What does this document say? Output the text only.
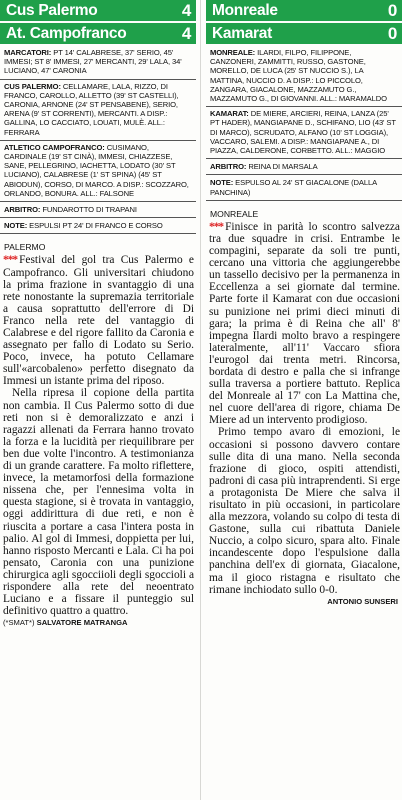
Cus Palermo	4
At. Campofranco	4
MARCATORI: PT 14' CALABRESE, 37' SERIO, 45' IMMESI; ST 8' IMMESI, 27' MERCANTI, 29' LALA, 34' LUCIANO, 47' CARONIA
CUS PALERMO: CELLAMARE, LALA, RIZZO, DI FRANCO, CAROLLO, ALLETTO (39' ST CASTELLI), CARONIA, ARNONE (24' ST PENSABENE), SERIO, ARENA (9' ST CORRENTI), MERCANTI. A DISP.: GALLINA, LO CACCIATO, LOUATI, MULÈ. ALL.: FERRARA
ATLETICO CAMPOFRANCO: CUSIMANO, CARDINALE (19' ST CINÀ), IMMESI, CHIAZZESE, SANE, PELLEGRINO, IACHETTA, LODATO (30' ST LUCIANO), CALABRESE (1' ST SPINA) (45' ST ABIODUN), CORSO, DI MARCO. A DISP.: SCOZZARO, ORLANDO, BONURA. ALL.: FALSONE
ARBITRO: FUNDAROTTO DI TRAPANI
NOTE: ESPULSI PT 24' DI FRANCO E CORSO
PALERMO

*** Festival del gol tra Cus Palermo e Campofranco. Gli universitari chiudono la prima frazione in svantaggio di una rete nonostante la supremazia territoriale a causa soprattutto dell'errore di Di Franco nella rete del vantaggio di Calabrese e del rigore fallito da Caronia e assegnato per fallo di Lodato su Serio. Poco, invece, ha potuto Cellamare sull'«arcobaleno» perfetto disegnato da Immesi un istante prima del riposo.

Nella ripresa il copione della partita non cambia. Il Cus Palermo sotto di due reti non si è demoralizzato e anzi i ragazzi allenati da Ferrara hanno trovato la forza e la lucidità per riequilibrare per ben due volte l'incontro. A testimonianza di un grande carattere. Fa molto riflettere, invece, la metamorfosi della formazione nissena che, per l'ennesima volta in questa stagione, si è trovata in vantaggio, oggi addirittura di due reti, e non è riuscita a portare a casa l'intera posta in palio. Al gol di Immesi, doppietta per lui, hanno risposto Mercanti e Lala. Ci ha poi pensato, Caronia con una punizione chirurgica agli sgocciioli degli sgoccioli a rispondere alla rete del neoentrato Luciano e a fissare il punteggio sul definitivo quattro a quattro.

(*SMAT*) SALVATORE MATRANGA
Monreale	0
Kamarat	0
MONREALE: ILARDI, FILPO, FILIPPONE, CANZONERI, ZAMMITTI, RUSSO, GASTONE, MORELLO, DE LUCA (25' ST NUCCIO S.), LA MATTINA, NUCCIO D. A DISP.: LO PICCOLO, ZANGARA, GIACALONE, MAZZAMUTO G., MAZZAMUTO G., DI GIOVANNI. ALL.: MARAMALDO
KAMARAT: DE MIERE, ARCIERI, REINA, LANZA (25' PT HADER), MANGIAPANE D., SCHIFANO, LIO (43' ST DI MARCO), SCRUDATO, ALFANO (10' ST LOGGIA), VACCARO, SALEMI. A DISP.: MANGIAPANE A., DI PIAZZA, CALDERONE, CORBETTO. ALL.: MAGGIO
ARBITRO: REINA DI MARSALA
NOTE: ESPULSO AL 24' ST GIACALONE (DALLA PANCHINA)
MONREALE

*** Finisce in parità lo scontro salvezza tra due squadre in crisi. Entrambe le compagini, separate da soli tre punti, cercano una vittoria che aggiungerebbe un tassello decisivo per la permanenza in Eccellenza a sei giornate dal termine. Parte forte il Kamarat con due occasioni su punizione nei primi dieci minuti di gara; la prima è di Reina che all' 8' impegna Ilardi molto bravo a respingere lateralmente, all'11' Vaccaro sfiora l'eurogol dai trenta metri. Rincorsa, bordata di destro e palla che si infrange sulla traversa a portiere battuto. Replica del Monreale al 17' con La Mattina che, nel cuore dell'area di rigore, chiama De Miere ad un intervento prodigioso.

Primo tempo avaro di emozioni, le occasioni si possono davvero contare sulle dita di una mano. Nella seconda frazione di gioco, ospiti attendisti, padroni di casa più intraprendenti. Si erge a protagonista De Miere che salva il risultato in più occasioni, in particolare alla mezzora, volando su colpo di testa di Gastone, sulla cui ribattuta Daniele Nuccio, a colpo sicuro, spara alto. Finale incandescente dopo l'espulsione dalla panchina dell'ex di giornata, Giacalone, ma il gioco ristagna e risultato che rimane inchiodato sullo 0-0.

ANTONIO SUNSERI
